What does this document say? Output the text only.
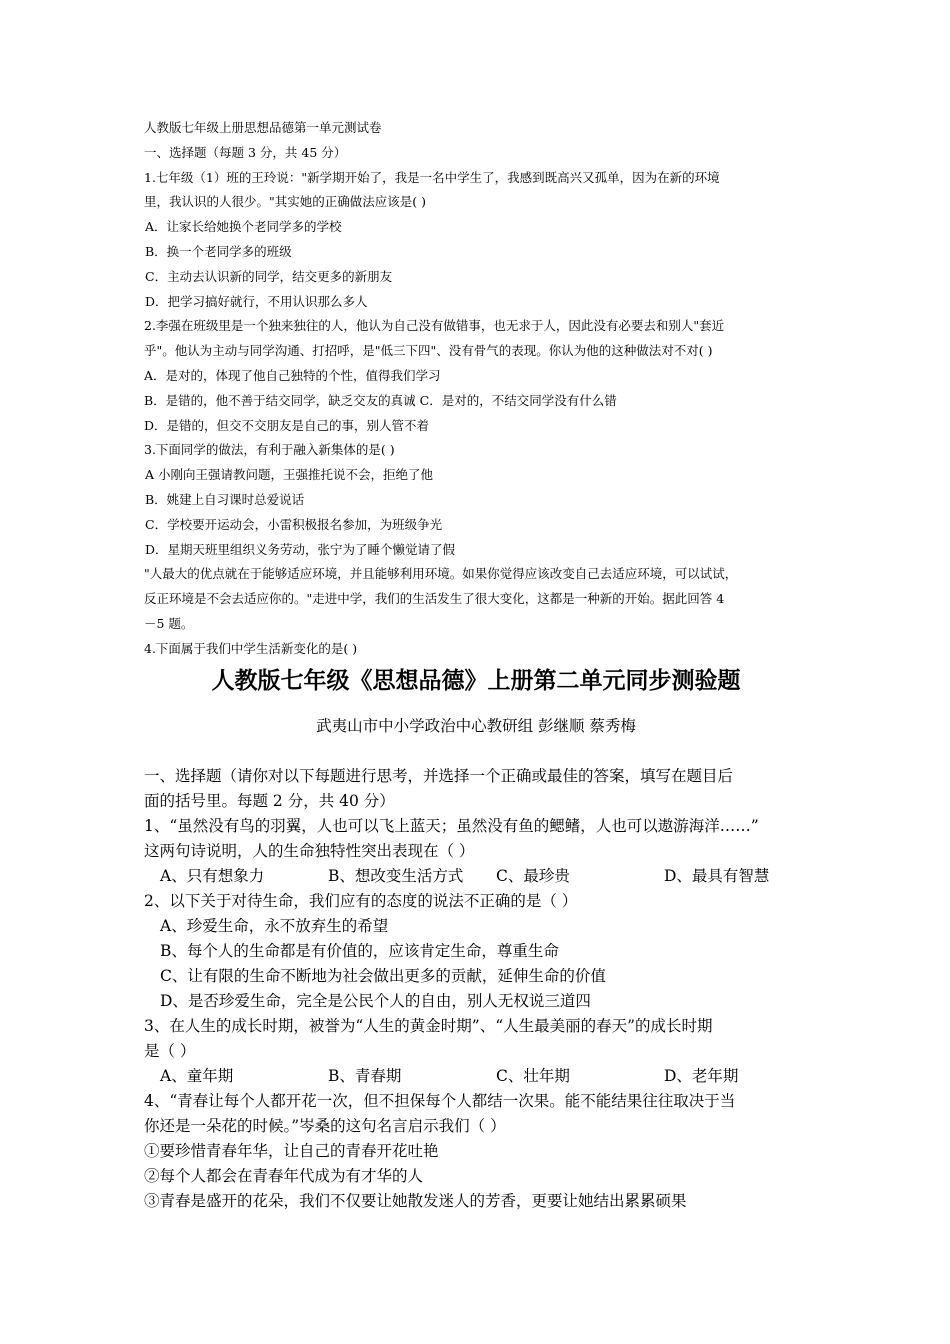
人教版七年级上册思想品德第一单元测试卷
一、选择题（每题 3 分，共 45 分）
1.七年级（1）班的王玲说："新学期开始了，我是一名中学生了，我感到既高兴又孤单，因为在新的环境
里，我认识的人很少。"其实她的正确做法应该是( )
A．让家长给她换个老同学多的学校
B．换一个老同学多的班级
C．主动去认识新的同学，结交更多的新朋友
D．把学习搞好就行，不用认识那么多人
2.李强在班级里是一个独来独往的人，他认为自己没有做错事，也无求于人，因此没有必要去和别人"套近
乎"。他认为主动与同学沟通、打招呼，是"低三下四"、没有骨气的表现。你认为他的这种做法对不对( )
A．是对的，体现了他自己独特的个性，值得我们学习
B．是错的，他不善于结交同学，缺乏交友的真诚 C．是对的，不结交同学没有什么错
D．是错的，但交不交朋友是自己的事，别人管不着
3.下面同学的做法，有利于融入新集体的是( )
A 小刚向王强请教问题，王强推托说不会，拒绝了他
B．姚建上自习课时总爱说话
C．学校要开运动会，小雷积极报名参加，为班级争光
D．星期天班里组织义务劳动，张宁为了睡个懒觉请了假
"人最大的优点就在于能够适应环境，并且能够利用环境。如果你觉得应该改变自己去适应环境，可以试试，
反正环境是不会去适应你的。"走进中学，我们的生活发生了很大变化，这都是一种新的开始。据此回答 4
－5 题。
4.下面属于我们中学生活新变化的是( )
人教版七年级《思想品德》上册第二单元同步测验题
武夷山市中小学政治中心教研组 彭继顺 蔡秀梅
一、选择题（请你对以下每题进行思考，并选择一个正确或最佳的答案，填写在题目后
面的括号里。每题 2 分，共 40 分）
1、“虽然没有鸟的羽翼，人也可以飞上蓝天；虽然没有鱼的鳃鳍，人也可以遨游海洋……”
这两句诗说明，人的生命独特性突出表现在（ ）
A、只有想象力	B、想改变生活方式	C、最珍贵	D、最具有智慧
2、以下关于对待生命，我们应有的态度的说法不正确的是（ ）
A、珍爱生命，永不放弃生的希望
B、每个人的生命都是有价值的，应该肯定生命，尊重生命
C、让有限的生命不断地为社会做出更多的贡献，延伸生命的价值
D、是否珍爱生命，完全是公民个人的自由，别人无权说三道四
3、在人生的成长时期，被誉为“人生的黄金时期”、“人生最美丽的春天”的成长时期
是（ ）
A、童年期	B、青春期	C、壮年期	D、老年期
4、“青春让每个人都开花一次，但不担保每个人都结一次果。能不能结果往往取决于当
你还是一朵花的时候。”岑桑的这句名言启示我们（ ）
①要珍惜青春年华，让自己的青春开花吐艳
②每个人都会在青春年代成为有才华的人
③青春是盛开的花朵，我们不仅要让她散发迷人的芳香，更要让她结出累累硕果
